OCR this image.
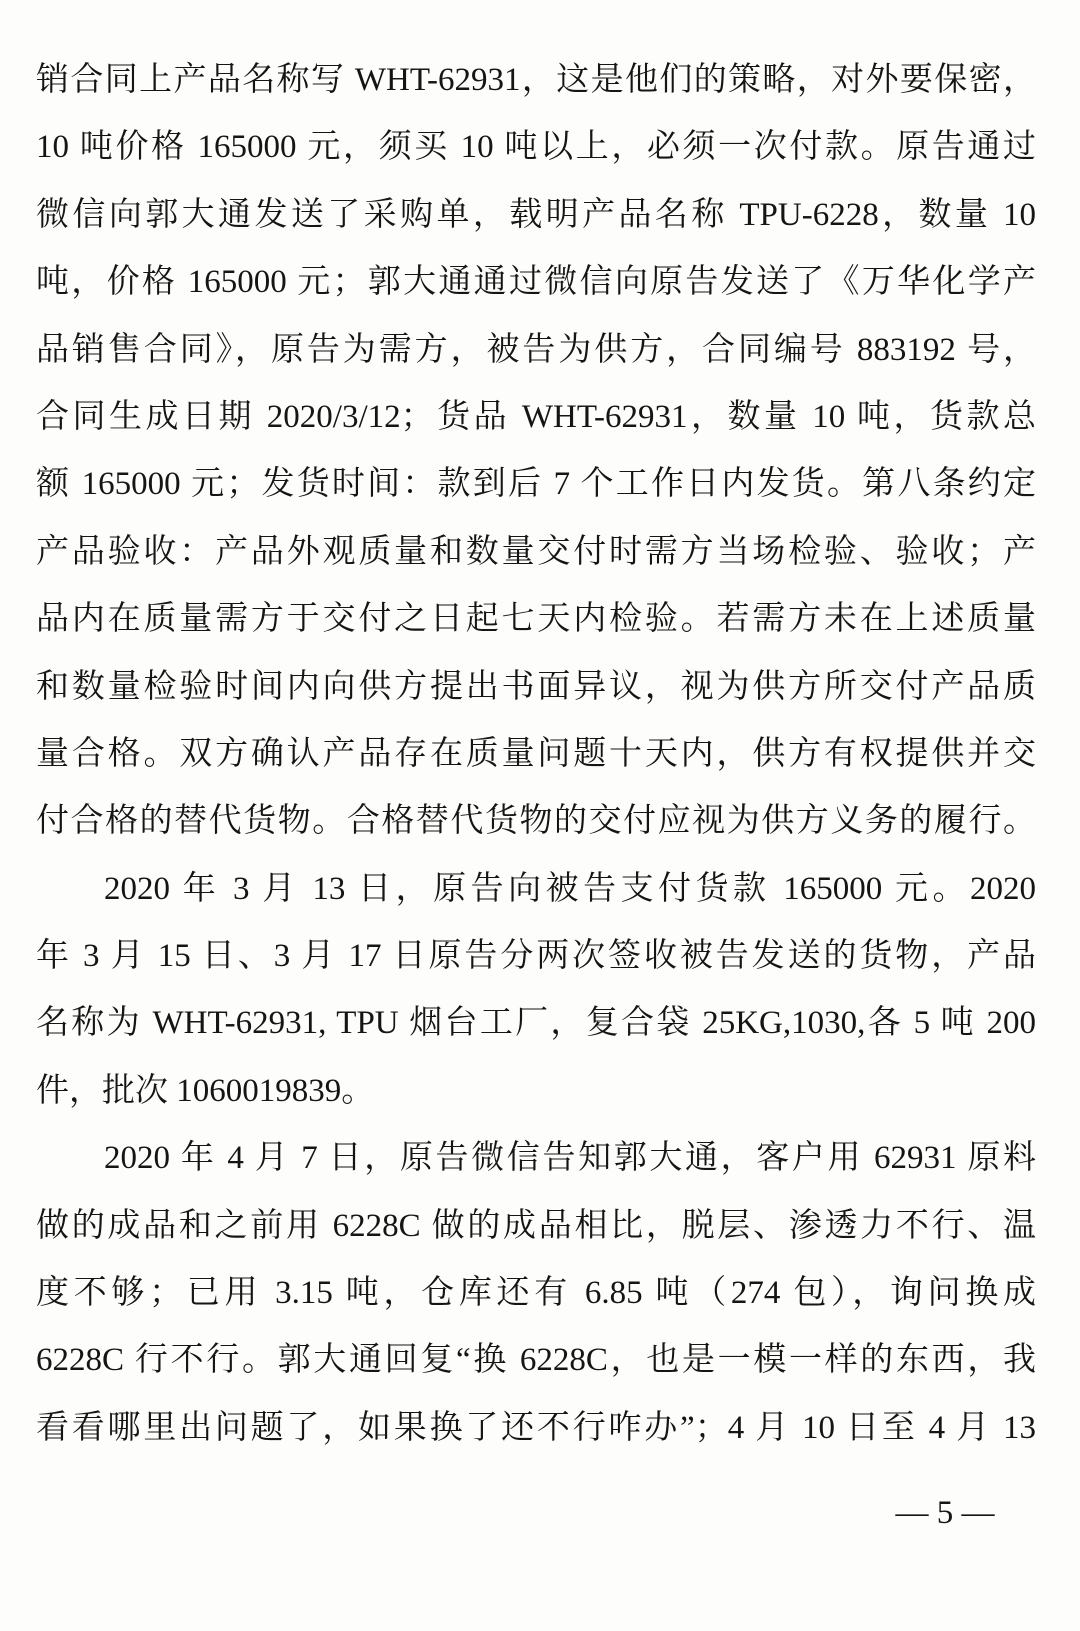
销合同上产品名称写 WHT-62931，这是他们的策略，对外要保密，
10 吨价格 165000 元，须买 10 吨以上，必须一次付款。原告通过
微信向郭大通发送了采购单，载明产品名称 TPU-6228，数量 10
吨，价格 165000 元；郭大通通过微信向原告发送了《万华化学产
品销售合同》，原告为需方，被告为供方，合同编号 883192 号，
合同生成日期 2020/3/12；货品 WHT-62931，数量 10 吨，货款总
额 165000 元；发货时间：款到后 7 个工作日内发货。第八条约定
产品验收：产品外观质量和数量交付时需方当场检验、验收；产
品内在质量需方于交付之日起七天内检验。若需方未在上述质量
和数量检验时间内向供方提出书面异议，视为供方所交付产品质
量合格。双方确认产品存在质量问题十天内，供方有权提供并交
付合格的替代货物。合格替代货物的交付应视为供方义务的履行。
2020 年 3 月 13 日，原告向被告支付货款 165000 元。2020
年 3 月 15 日、3 月 17 日原告分两次签收被告发送的货物，产品
名称为 WHT-62931, TPU 烟台工厂，复合袋 25KG,1030,各 5 吨 200
件，批次 1060019839。
2020 年 4 月 7 日，原告微信告知郭大通，客户用 62931 原料
做的成品和之前用 6228C 做的成品相比，脱层、渗透力不行、温
度不够；已用 3.15 吨，仓库还有 6.85 吨（274 包），询问换成
6228C 行不行。郭大通回复“换 6228C，也是一模一样的东西，我
看看哪里出问题了，如果换了还不行咋办”；4 月 10 日至 4 月 13
— 5 —
